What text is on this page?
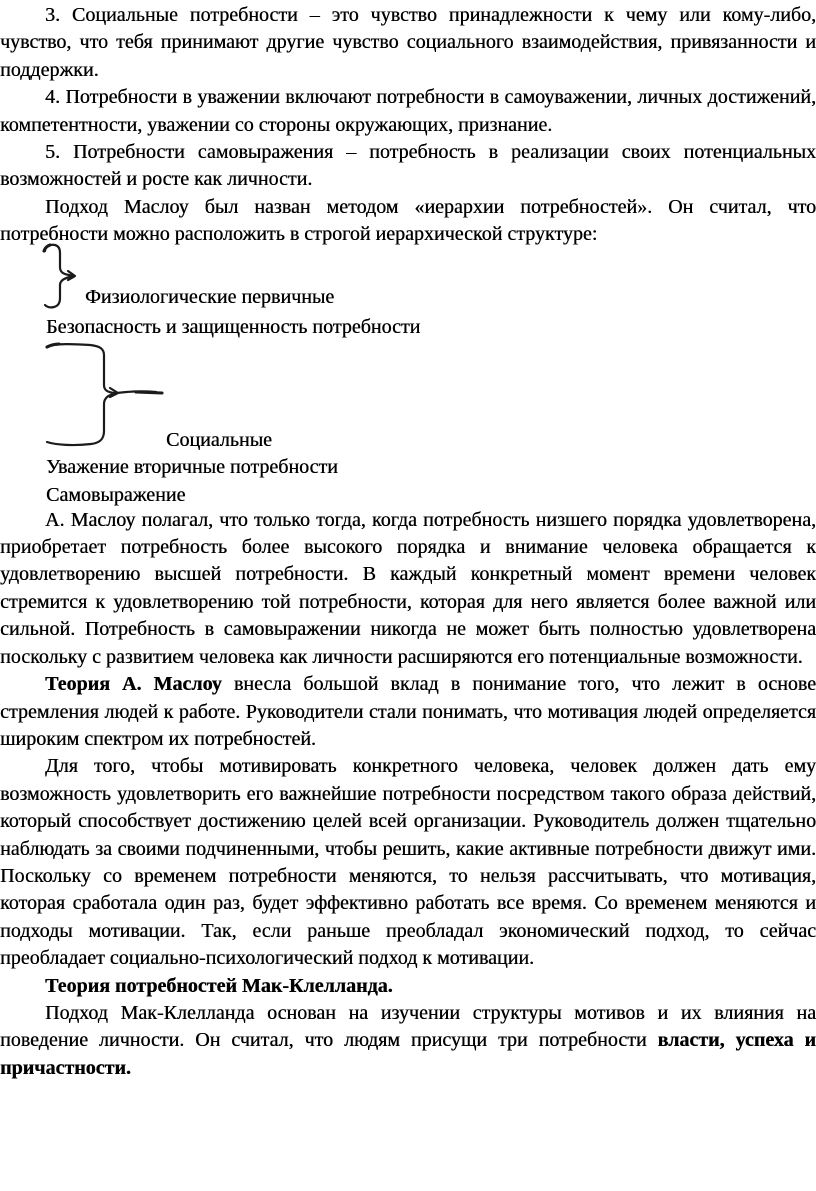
3. Социальные потребности – это чувство принадлежности к чему или кому-либо, чувство, что тебя принимают другие чувство социального взаимодействия, привязанности и поддержки.

4. Потребности в уважении включают потребности в самоуважении, личных достижений, компетентности, уважении со стороны окружающих, признание.

5. Потребности самовыражения – потребность в реализации своих потенциальных возможностей и росте как личности.

Подход Маслоу был назван методом «иерархии потребностей». Он считал, что потребности можно расположить в строгой иерархической структуре:

Физиологические первичные
Безопасность и защищенность потребности
Социальные
Уважение вторичные потребности
Самовыражение

А. Маслоу полагал, что только тогда, когда потребность низшего порядка удовлетворена, приобретает потребность более высокого порядка и внимание человека обращается к удовлетворению высшей потребности. В каждый конкретный момент времени человек стремится к удовлетворению той потребности, которая для него является более важной или сильной. Потребность в самовыражении никогда не может быть полностью удовлетворена поскольку с развитием человека как личности расширяются его потенциальные возможности.

Теория А. Маслоу внесла большой вклад в понимание того, что лежит в основе стремления людей к работе. Руководители стали понимать, что мотивация людей определяется широким спектром их потребностей.

Для того, чтобы мотивировать конкретного человека, человек должен дать ему возможность удовлетворить его важнейшие потребности посредством такого образа действий, который способствует достижению целей всей организации. Руководитель должен тщательно наблюдать за своими подчиненными, чтобы решить, какие активные потребности движут ими. Поскольку со временем потребности меняются, то нельзя рассчитывать, что мотивация, которая сработала один раз, будет эффективно работать все время. Со временем меняются и подходы мотивации. Так, если раньше преобладал экономический подход, то сейчас преобладает социально-психологический подход к мотивации.

Теория потребностей Мак-Клелланда.

Подход Мак-Клелланда основан на изучении структуры мотивов и их влияния на поведение личности. Он считал, что людям присущи три потребности власти, успеха и причастности.
